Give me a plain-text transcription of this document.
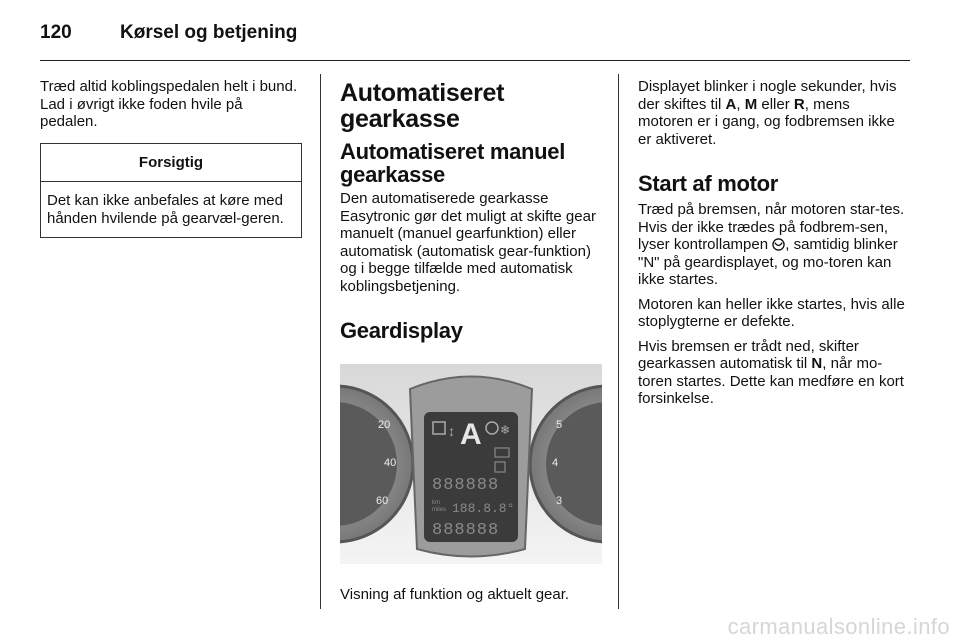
120	Kørsel og betjening

Træd altid koblingspedalen helt i bund. Lad i øvrigt ikke foden hvile på pedalen.

Forsigtig
Det kan ikke anbefales at køre med hånden hvilende på gearvæl-geren.
Automatiseret gearkasse
Automatiseret manuel gearkasse

Den automatiserede gearkasse Easytronic gør det muligt at skifte gear manuelt (manuel gearfunktion) eller automatisk (automatisk gear-funktion) og i begge tilfælde med automatisk koblingsbetjening.

Geardisplay
20
40
60
5
4
3
↕ A ❄
888888
km
miles 188.8.8°
888888

Visning af funktion og aktuelt gear.

Displayet blinker i nogle sekunder, hvis der skiftes til A, M eller R, mens motoren er i gang, og fodbremsen ikke er aktiveret.

Start af motor

Træd på bremsen, når motoren star-tes. Hvis der ikke trædes på fodbrem-sen, lyser kontrollampen , samtidig blinker "N" på geardisplayet, og mo-toren kan ikke startes.

Motoren kan heller ikke startes, hvis alle stoplygterne er defekte.

Hvis bremsen er trådt ned, skifter gearkassen automatisk til N, når mo-toren startes. Dette kan medføre en kort forsinkelse.

carmanualsonline.info
